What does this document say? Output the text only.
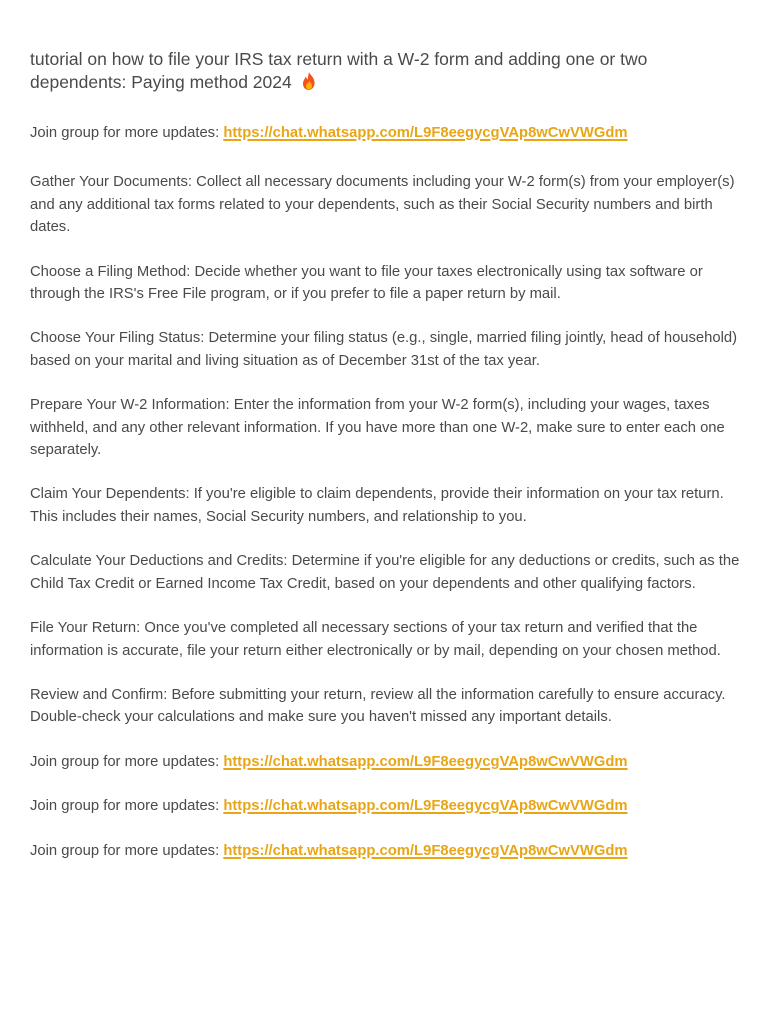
tutorial on how to file your IRS tax return with a W-2 form and adding one or two dependents: Paying method 2024

Join group for more updates: https://chat.whatsapp.com/L9F8eegycgVAp8wCwVWGdm

Gather Your Documents: Collect all necessary documents including your W-2 form(s) from your employer(s) and any additional tax forms related to your dependents, such as their Social Security numbers and birth dates.

Choose a Filing Method: Decide whether you want to file your taxes electronically using tax software or through the IRS's Free File program, or if you prefer to file a paper return by mail.

Choose Your Filing Status: Determine your filing status (e.g., single, married filing jointly, head of household) based on your marital and living situation as of December 31st of the tax year.

Prepare Your W-2 Information: Enter the information from your W-2 form(s), including your wages, taxes withheld, and any other relevant information. If you have more than one W-2, make sure to enter each one separately.

Claim Your Dependents: If you're eligible to claim dependents, provide their information on your tax return. This includes their names, Social Security numbers, and relationship to you.

Calculate Your Deductions and Credits: Determine if you're eligible for any deductions or credits, such as the Child Tax Credit or Earned Income Tax Credit, based on your dependents and other qualifying factors.

File Your Return: Once you've completed all necessary sections of your tax return and verified that the information is accurate, file your return either electronically or by mail, depending on your chosen method.

Review and Confirm: Before submitting your return, review all the information carefully to ensure accuracy. Double-check your calculations and make sure you haven't missed any important details.

Join group for more updates: https://chat.whatsapp.com/L9F8eegycgVAp8wCwVWGdm

Join group for more updates: https://chat.whatsapp.com/L9F8eegycgVAp8wCwVWGdm

Join group for more updates: https://chat.whatsapp.com/L9F8eegycgVAp8wCwVWGdm
